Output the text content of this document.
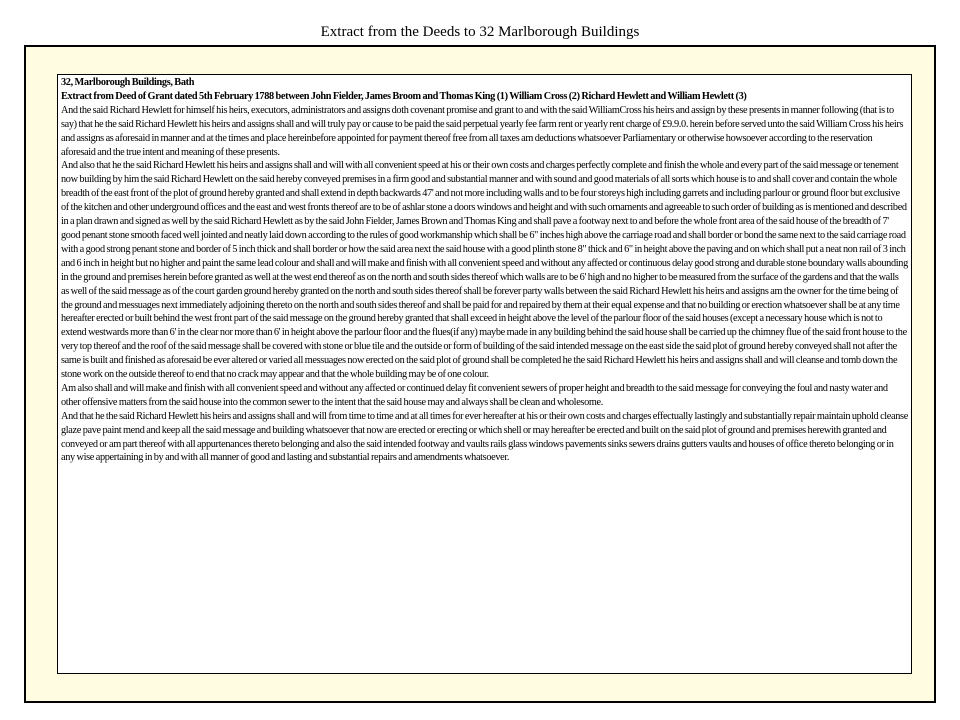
Extract from the Deeds to 32 Marlborough Buildings

32, Marlborough Buildings, Bath

Extract from Deed of Grant dated 5th February 1788 between John Fielder, James Broom and Thomas King (1) William Cross (2) Richard Hewlett and William Hewlett (3)

And the said Richard Hewlett for himself his heirs, executors, administrators and assigns doth covenant promise and grant to and with the said WilliamCross his heirs and assign by these presents in manner following (that is to say) that he the said Richard Hewlett his heirs and assigns shall and will truly pay or cause to be paid the said perpetual yearly fee farm rent or yearly rent charge of £9.9.0. herein before served unto the said William Cross his heirs and assigns as aforesaid in manner and at the times and place hereinbefore appointed for payment thereof free from all taxes am deductions whatsoever Parliamentary or otherwise howsoever according to the reservation aforesaid and the true intent and meaning of these presents.

And also that he the said Richard Hewlett his heirs and assigns shall and will with all convenient speed at his or their own costs and charges perfectly complete and finish the whole and every part of the said message or tenement now building by him the said Richard Hewlett on the said hereby conveyed premises in a firm good and substantial manner and with sound and good materials of all sorts which house is to and shall cover and contain the whole breadth of the east front of the plot of ground hereby granted and shall extend in depth backwards 47' and not more including walls and to be four storeys high including garrets and including parlour or ground floor but exclusive of the kitchen and other underground offices and the east and west fronts thereof are to be of ashlar stone a doors windows and height and with such ornaments and agreeable to such order of building as is mentioned and described in a plan drawn and signed as well by the said Richard Hewlett as by the said John Fielder, James Brown and Thomas King and shall pave a footway next to and before the whole front area of the said house of the breadth of 7' good penant stone smooth faced well jointed and neatly laid down according to the rules of good workmanship which shall be 6" inches high above the carriage road and shall border or bond the same next to the said carriage road with a good strong penant stone and border of 5 inch thick and shall border or how the said area next the said house with a good plinth stone 8" thick and 6" in height above the paving and on which shall put a neat non rail of 3 inch and 6 inch in height but no higher and paint the same lead colour and shall and will make and finish with all convenient speed and without any affected or continuous delay good strong and durable stone boundary walls abounding in the ground and premises herein before granted as well at the west end thereof as on the north and south sides thereof which walls are to be 6' high and no higher to be measured from the surface of the gardens and that the walls as well of the said message as of the court garden ground hereby granted on the north and south sides thereof shall be forever party walls between the said Richard Hewlett his heirs and assigns am the owner for the time being of the ground and messuages next immediately adjoining thereto on the north and south sides thereof and shall be paid for and repaired by them at their equal expense and that no building or erection whatsoever shall be at any time hereafter erected or built behind the west front part of the said message on the ground hereby granted that shall exceed in height above the level of the parlour floor of the said houses (except a necessary house which is not to extend westwards more than 6' in the clear nor more than 6' in height above the parlour floor and the flues(if any) maybe made in any building behind the said house shall be carried up the chimney flue of the said front house to the very top thereof and the roof of the said message shall be covered with stone or blue tile and the outside or form of building of the said intended message on the east side the said plot of ground hereby conveyed shall not after the same is built and finished as aforesaid be ever altered or varied all messuages now erected on the said plot of ground shall be completed he the said Richard Hewlett his heirs and assigns shall and will cleanse and tomb down the stone work on the outside thereof to end that no crack may appear and that the whole building may be of one colour.

Am also shall and will make and finish with all convenient speed and without any affected or continued delay fit convenient sewers of proper height and breadth to the said message for conveying the foul and nasty water and other offensive matters from the said house into the common sewer to the intent that the said house may and always shall be clean and wholesome.

And that he the said Richard Hewlett his heirs and assigns shall and will from time to time and at all times for ever hereafter at his or their own costs and charges effectually lastingly and substantially repair maintain uphold cleanse glaze pave paint mend and keep all the said message and building whatsoever that now are erected or erecting or which shell or may hereafter be erected and built on the said plot of ground and premises herewith granted and conveyed or am part thereof with all appurtenances thereto belonging and also the said intended footway and vaults rails glass windows pavements sinks sewers drains gutters vaults and houses of office thereto belonging or in any wise appertaining in by and with all manner of good and lasting and substantial repairs and amendments whatsoever.
